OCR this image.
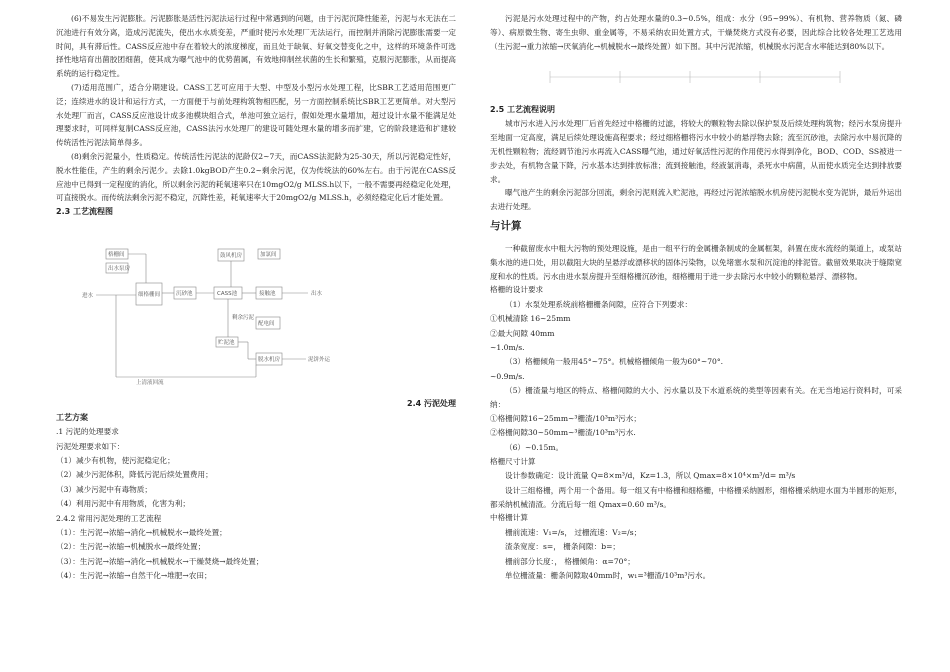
(6)不易发生污泥膨胀。污泥膨胀是活性污泥法运行过程中常遇到的问题，由于污泥沉降性能差，污泥与水无法在二沉池进行有效分离，造成污泥流失，使出水水质变差，严重时使污水处理厂无法运行，而控制并消除污泥膨胀需要一定时间，具有滞后性。CASS反应池中存在着较大的浓度梯度，而且处于缺氧、好氧交替变化之中，这样的环境条件可选择性地培育出菌胶团细菌，使其成为曝气池中的优势菌属，有效地抑制丝状菌的生长和繁殖，克服污泥膨胀，从而提高系统的运行稳定性。

(7)适用范围广，适合分期建设。CASS工艺可应用于大型、中型及小型污水处理工程，比SBR工艺适用范围更广泛；连续进水的设计和运行方式，一方面便于与前处理构筑物相匹配，另一方面控制系统比SBR工艺更简单。对大型污水处理厂而言，CASS反应池设计成多池模块组合式，单池可独立运行，假如处理水量增加，超过设计水量不能满足处理要求时，可同样复制CASS反应池，CASS法污水处理厂的建设可随处理水量的增多而扩建，它的阶段建造和扩建较传统活性污泥法简单得多。

(8)剩余污泥量小，性质稳定。传统活性污泥法的泥龄仅2~7天，而CASS法泥龄为25-30天，所以污泥稳定性好，脱水性能佳，产生的剩余污泥少。去除1.0kgBOD产生0.2~剩余污泥，仅为传统法的60%左右。由于污泥在CASS反应池中已得到一定程度的消化，所以剩余污泥的耗氧速率只在10mgO2/g MLSS.h以下，一般不需要再经稳定化处理，可直接脱水。而传统法剩余污泥不稳定，沉降性差，耗氧速率大于20mgO2/g MLSS.h，必须经稳定化后才能处置。

2.3 工艺流程图

格栅间
出水泵房
进水	细格栅间	沉砂池	CASS池	接触池	出水
鼓风机房	加氯间
配电间
贮泥池
脱水机房
上清液回流
泥饼外运
剩余污泥

2.4 污泥处理

工艺方案

.1 污泥的处理要求

污泥处理要求如下：

（1）减少有机物，使污泥稳定化；

（2）减少污泥体积，降低污泥后续处置费用；

（3）减少污泥中有毒物质；

（4）利用污泥中有用物质，化害为利；

2.4.2 常用污泥处理的工艺流程

（1）：生污泥→浓缩→消化→机械脱水→最终处置；

（2）：生污泥→浓缩→机械脱水→最终处置；

（3）：生污泥→浓缩→消化→机械脱水→干燥焚烧→最终处置；

（4）：生污泥→浓缩→自然干化→堆肥→农田；

污泥是污水处理过程中的产物，约占处理水量的0.3~0.5%，组成：水分（95~99%）、有机物、营养物质（氮、磷等）、病原微生物、寄生虫卵、重金属等，不易采纳农田处置方式，干燥焚烧方式没有必要，因此综合比较各处理工艺选用（生污泥→重力浓缩→厌氧消化→机械脱水→最终处置）如下图。其中污泥浓缩，机械脱水污泥含水率能达到80%以下。

2.5 工艺流程说明

城市污水进入污水处理厂后首先经过中格栅的过滤，将较大的颗粒物去除以保护泵及后续处理构筑物；经污水泵房提升至地面一定高度，满足后续处理设施高程要求；经过细格栅将污水中较小的悬浮物去除；流至沉砂池，去除污水中易沉降的无机性颗粒物；流经调节池污水再流入CASS曝气池，通过好氧活性污泥的作用使污水得到净化，BOD、COD、SS被进一步去处，有机物含量下降，污水基本达到排放标准；流到接触池，经液氯消毒，杀死水中病菌，从而使水质完全达到排放要求。

曝气池产生的剩余污泥部分回流，剩余污泥则流入贮泥池，再经过污泥浓缩脱水机房使污泥脱水变为泥饼，最后外运出去进行处理。

与计算

一种截留废水中粗大污物的预处理设施，是由一组平行的金属栅条制成的金属框架，斜置在废水流经的渠道上，或泵站集水池的进口处，用以截阻大块的呈悬浮或漂移状的固体污染物，以免堵塞水泵和沉淀池的排泥管。截留效果取决于缝隙宽度和水的性质。污水由进水泵房提升至细格栅沉砂池，细格栅用于进一步去除污水中较小的颗粒悬浮、漂移物。

格栅的设计要求

（1）水泵处理系统前格栅栅条间隙，应符合下列要求：

①机械清除 16~25mm

②最大间隙 40mm

~1.0m/s.

（3）格栅倾角一般用45°~75°。机械格栅倾角一般为60°~70°.

~0.9m/s.

（5）栅渣量与地区的特点、格栅间隙的大小、污水量以及下水道系统的类型等因素有关。在无当地运行资料时，可采纳：

①格栅间隙16~25mm~³栅渣/10³m³污水；

②格栅间隙30~50mm~³栅渣/10³m³污水.

（6）~0.15m。

格栅尺寸计算

设计参数确定：设计流量 Q=8×m³/d，Kz=1.3，所以 Qmax=8×10⁴×m³/d= m³/s

设计三组格栅，两个用一个备用。每一组又有中格栅和细格栅，中格栅采纳圆形，细格栅采纳迎水面为半圆形的矩形，都采纳机械清渣。分流后每一组 Qmax=0.60 m³/s。

中格栅计算

栅前流速：V₁=/s， 过栅流速：V₂=/s；

渣条宽度：s=， 栅条间隙：b=；

栅前部分长度：， 格栅倾角：α=70°；

单位栅渣量：栅条间隙取40mm时，w₁=³栅渣/10³m³污水。
